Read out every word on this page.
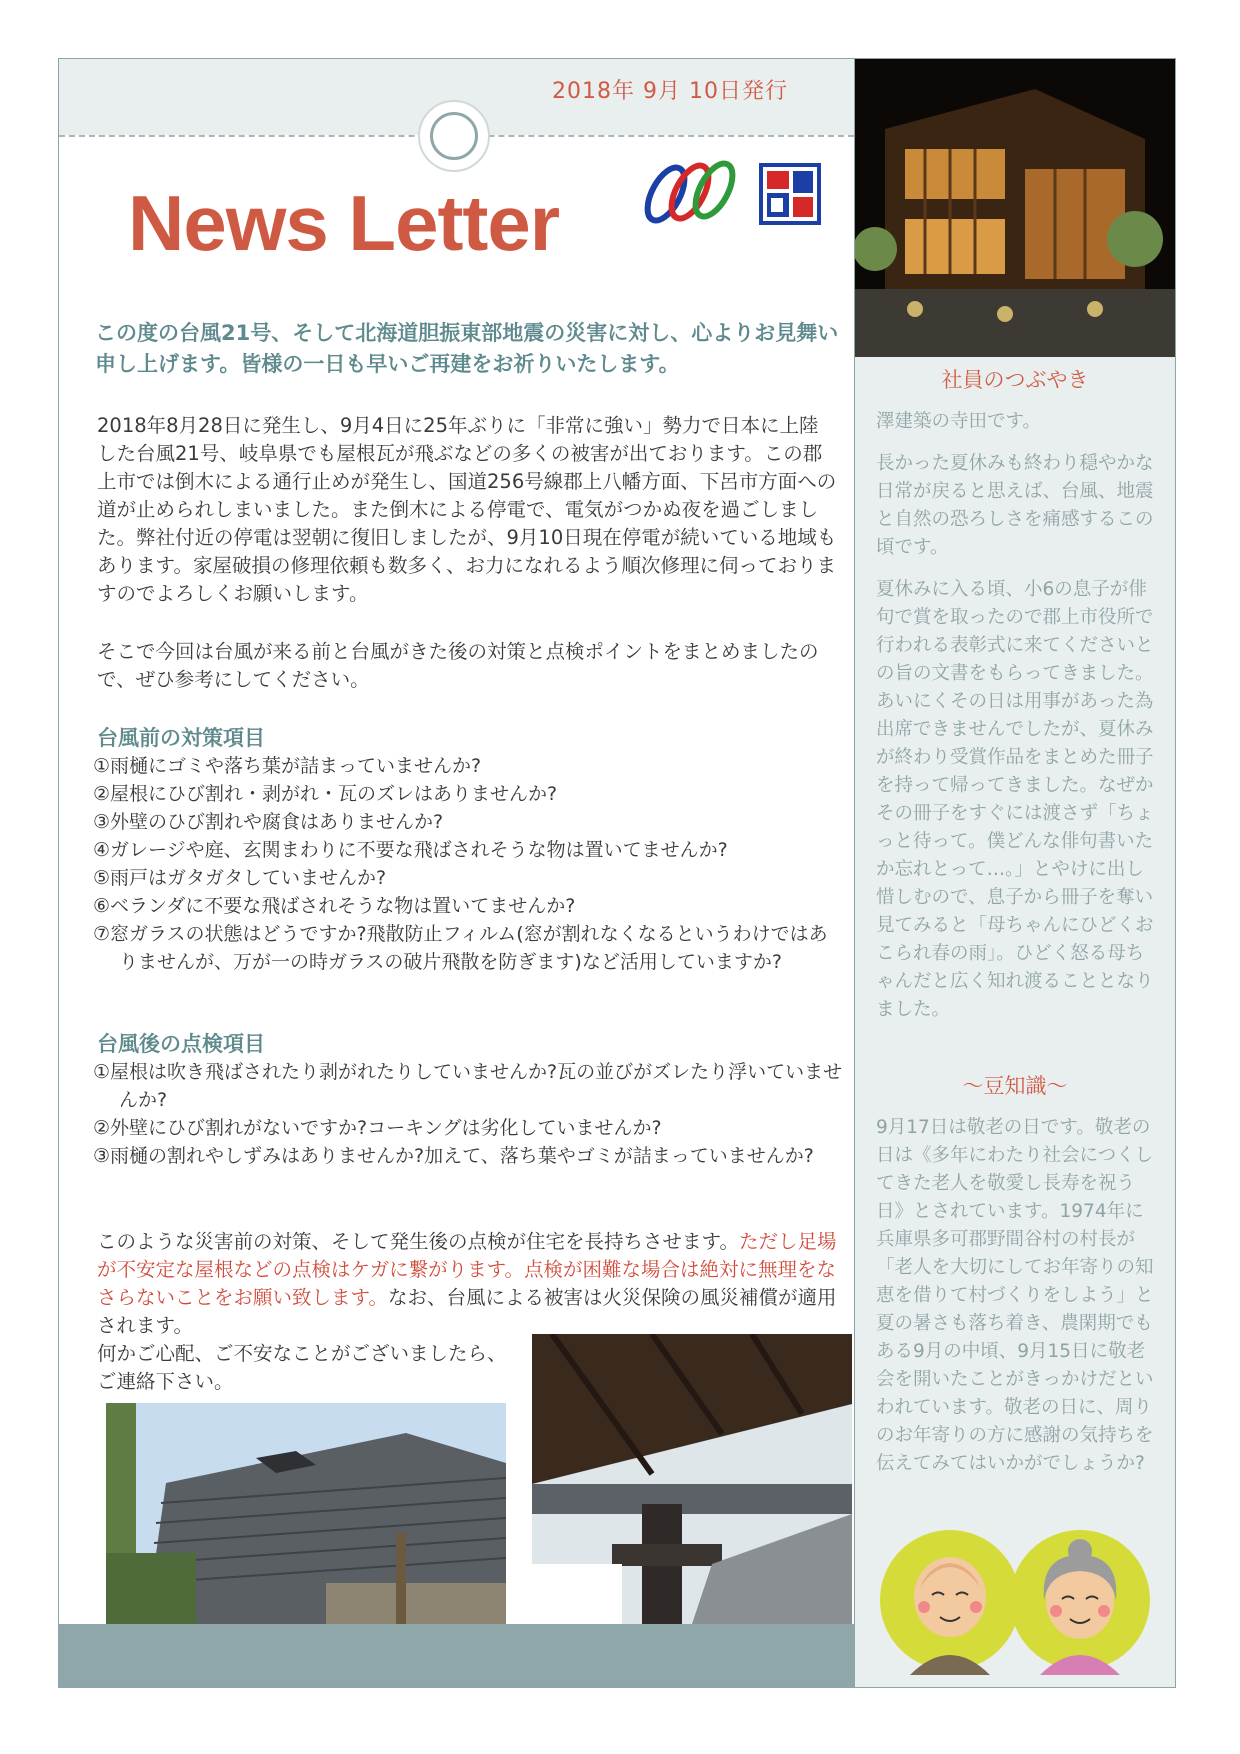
2018年 9月 10日発行
News Letter

この度の台風21号、そして北海道胆振東部地震の災害に対し、心よりお見舞い申し上げます。皆様の一日も早いご再建をお祈りいたします。

2018年8月28日に発生し、9月4日に25年ぶりに「非常に強い」勢力で日本に上陸した台風21号、岐阜県でも屋根瓦が飛ぶなどの多くの被害が出ております。この郡上市では倒木による通行止めが発生し、国道256号線郡上八幡方面、下呂市方面への道が止められしまいました。また倒木による停電で、電気がつかぬ夜を過ごしました。弊社付近の停電は翌朝に復旧しましたが、9月10日現在停電が続いている地域もあります。家屋破損の修理依頼も数多く、お力になれるよう順次修理に伺っておりますのでよろしくお願いします。

そこで今回は台風が来る前と台風がきた後の対策と点検ポイントをまとめましたので、ぜひ参考にしてください。

台風前の対策項目
①雨樋にゴミや落ち葉が詰まっていませんか?
②屋根にひび割れ・剥がれ・瓦のズレはありませんか?
③外壁のひび割れや腐食はありませんか?
④ガレージや庭、玄関まわりに不要な飛ばされそうな物は置いてませんか?
⑤雨戸はガタガタしていませんか?
⑥ベランダに不要な飛ばされそうな物は置いてませんか?
⑦窓ガラスの状態はどうですか?飛散防止フィルム(窓が割れなくなるというわけではありませんが、万が一の時ガラスの破片飛散を防ぎます)など活用していますか?
台風後の点検項目
①屋根は吹き飛ばされたり剥がれたりしていませんか?瓦の並びがズレたり浮いていませんか?
②外壁にひび割れがないですか?コーキングは劣化していませんか?
③雨樋の割れやしずみはありませんか?加えて、落ち葉やゴミが詰まっていませんか?

このような災害前の対策、そして発生後の点検が住宅を長持ちさせます。ただし足場が不安定な屋根などの点検はケガに繋がります。点検が困難な場合は絶対に無理をなさらないことをお願い致します。なお、台風による被害は火災保険の風災補償が適用されます。

何かご心配、ご不安なことがございましたら、ご連絡下さい。

社員のつぶやき

澤建築の寺田です。

長かった夏休みも終わり穏やかな日常が戻ると思えば、台風、地震と自然の恐ろしさを痛感するこの頃です。

夏休みに入る頃、小6の息子が俳句で賞を取ったので郡上市役所で行われる表彰式に来てくださいとの旨の文書をもらってきました。あいにくその日は用事があった為出席できませんでしたが、夏休みが終わり受賞作品をまとめた冊子を持って帰ってきました。なぜかその冊子をすぐには渡さず「ちょっと待って。僕どんな俳句書いたか忘れとって…。」とやけに出し惜しむので、息子から冊子を奪い見てみると「母ちゃんにひどくおこられ春の雨」。ひどく怒る母ちゃんだと広く知れ渡ることとなりました。

～豆知識～

9月17日は敬老の日です。敬老の日は《多年にわたり社会につくしてきた老人を敬愛し長寿を祝う日》とされています。1974年に兵庫県多可郡野間谷村の村長が「老人を大切にしてお年寄りの知恵を借りて村づくりをしよう」と夏の暑さも落ち着き、農閑期でもある9月の中頃、9月15日に敬老会を開いたことがきっかけだといわれています。敬老の日に、周りのお年寄りの方に感謝の気持ちを伝えてみてはいかがでしょうか?
